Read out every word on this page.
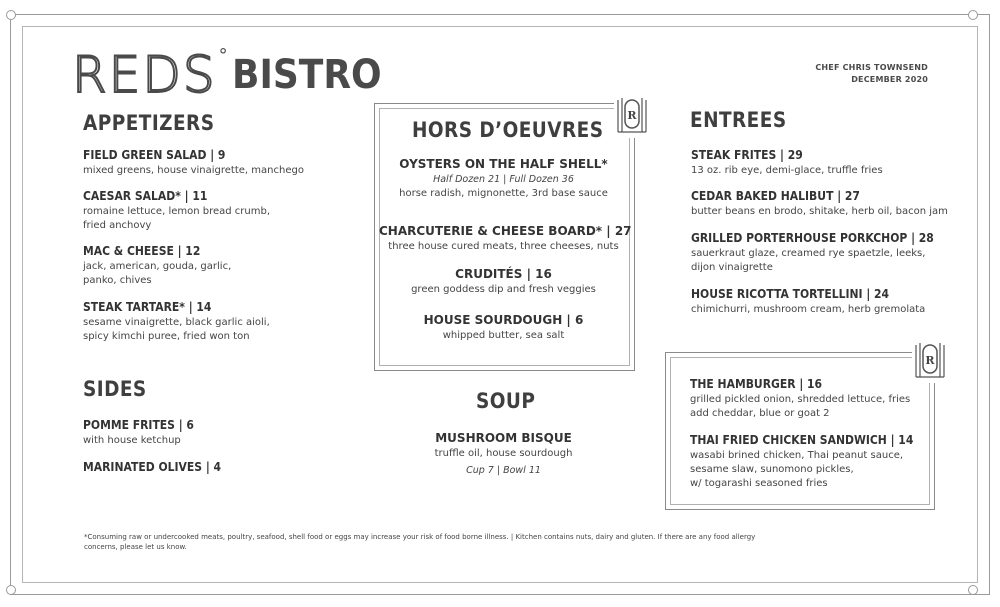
REDS ° BISTRO	CHEF CHRIS TOWNSEND
DECEMBER 2020
APPETIZERS
FIELD GREEN SALAD | 9
mixed greens, house vinaigrette, manchego
CAESAR SALAD* | 11
romaine lettuce, lemon bread crumb,
fried anchovy
MAC & CHEESE | 12
jack, american, gouda, garlic,
panko, chives
STEAK TARTARE* | 14
sesame vinaigrette, black garlic aioli,
spicy kimchi puree, fried won ton
SIDES
POMME FRITES | 6
with house ketchup
MARINATED OLIVES | 4
R
HORS D’OEUVRES
OYSTERS ON THE HALF SHELL*
Half Dozen 21 | Full Dozen 36
horse radish, mignonette, 3rd base sauce
CHARCUTERIE & CHEESE BOARD* | 27
three house cured meats, three cheeses, nuts
CRUDITÉS | 16
green goddess dip and fresh veggies
HOUSE SOURDOUGH | 6
whipped butter, sea salt
SOUP
MUSHROOM BISQUE
truffle oil, house sourdough
Cup 7 | Bowl 11
ENTREES
STEAK FRITES | 29
13 oz. rib eye, demi-glace, truffle fries
CEDAR BAKED HALIBUT | 27
butter beans en brodo, shitake, herb oil, bacon jam
GRILLED PORTERHOUSE PORKCHOP | 28
sauerkraut glaze, creamed rye spaetzle, leeks,
dijon vinaigrette
HOUSE RICOTTA TORTELLINI | 24
chimichurri, mushroom cream, herb gremolata
R
THE HAMBURGER | 16
grilled pickled onion, shredded lettuce, fries
add cheddar, blue or goat 2
THAI FRIED CHICKEN SANDWICH | 14
wasabi brined chicken, Thai peanut sauce,
sesame slaw, sunomono pickles,
w/ togarashi seasoned fries
*Consuming raw or undercooked meats, poultry, seafood, shell food or eggs may increase your risk of food borne illness. | Kitchen contains nuts, dairy and gluten. If there are any food allergy concerns, please let us know.
